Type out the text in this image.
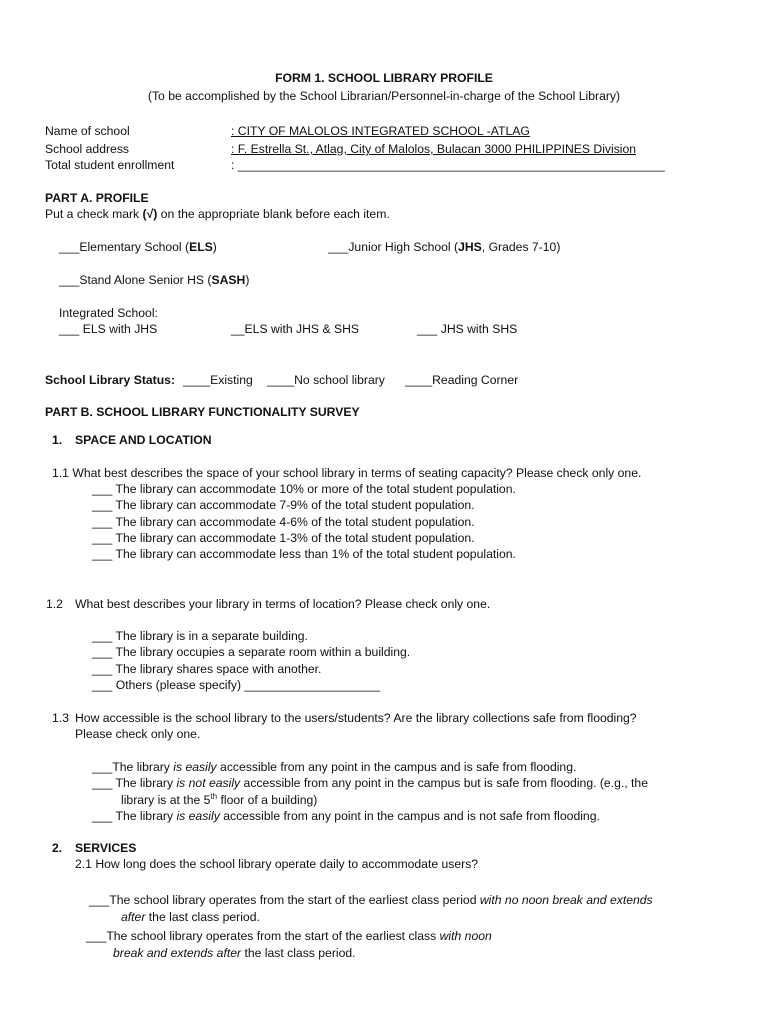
FORM 1. SCHOOL LIBRARY PROFILE
(To be accomplished by the School Librarian/Personnel-in-charge of the School Library)
Name of school	: CITY OF MALOLOS INTEGRATED SCHOOL -ATLAG
School address	: F. Estrella St., Atlag, City of Malolos, Bulacan 3000 PHILIPPINES Division
Total student enrollment	: _______________________________________________________________
PART A. PROFILE
Put a check mark (√) on the appropriate blank before each item.
___Elementary School (ELS)	___Junior High School (JHS, Grades 7-10)
___Stand Alone Senior HS (SASH)
Integrated School:
___ ELS with JHS	__ELS with JHS & SHS	___ JHS with SHS
School Library Status: ____Existing ____No school library ____Reading Corner
PART B. SCHOOL LIBRARY FUNCTIONALITY SURVEY
1. SPACE AND LOCATION
1.1 What best describes the space of your school library in terms of seating capacity? Please check only one.
___ The library can accommodate 10% or more of the total student population.
___ The library can accommodate 7-9% of the total student population.
___ The library can accommodate 4-6% of the total student population.
___ The library can accommodate 1-3% of the total student population.
___ The library can accommodate less than 1% of the total student population.
1.2 What best describes your library in terms of location? Please check only one.
___ The library is in a separate building.
___ The library occupies a separate room within a building.
___ The library shares space with another.
___ Others (please specify) ____________________
1.3 How accessible is the school library to the users/students? Are the library collections safe from flooding?
Please check only one.
___The library is easily accessible from any point in the campus and is safe from flooding.
___ The library is not easily accessible from any point in the campus but is safe from flooding. (e.g., the
library is at the 5th floor of a building)
___ The library is easily accessible from any point in the campus and is not safe from flooding.
2. SERVICES
2.1 How long does the school library operate daily to accommodate users?
___The school library operates from the start of the earliest class period with no noon break and extends
after the last class period.
___The school library operates from the start of the earliest class with noon
break and extends after the last class period.
